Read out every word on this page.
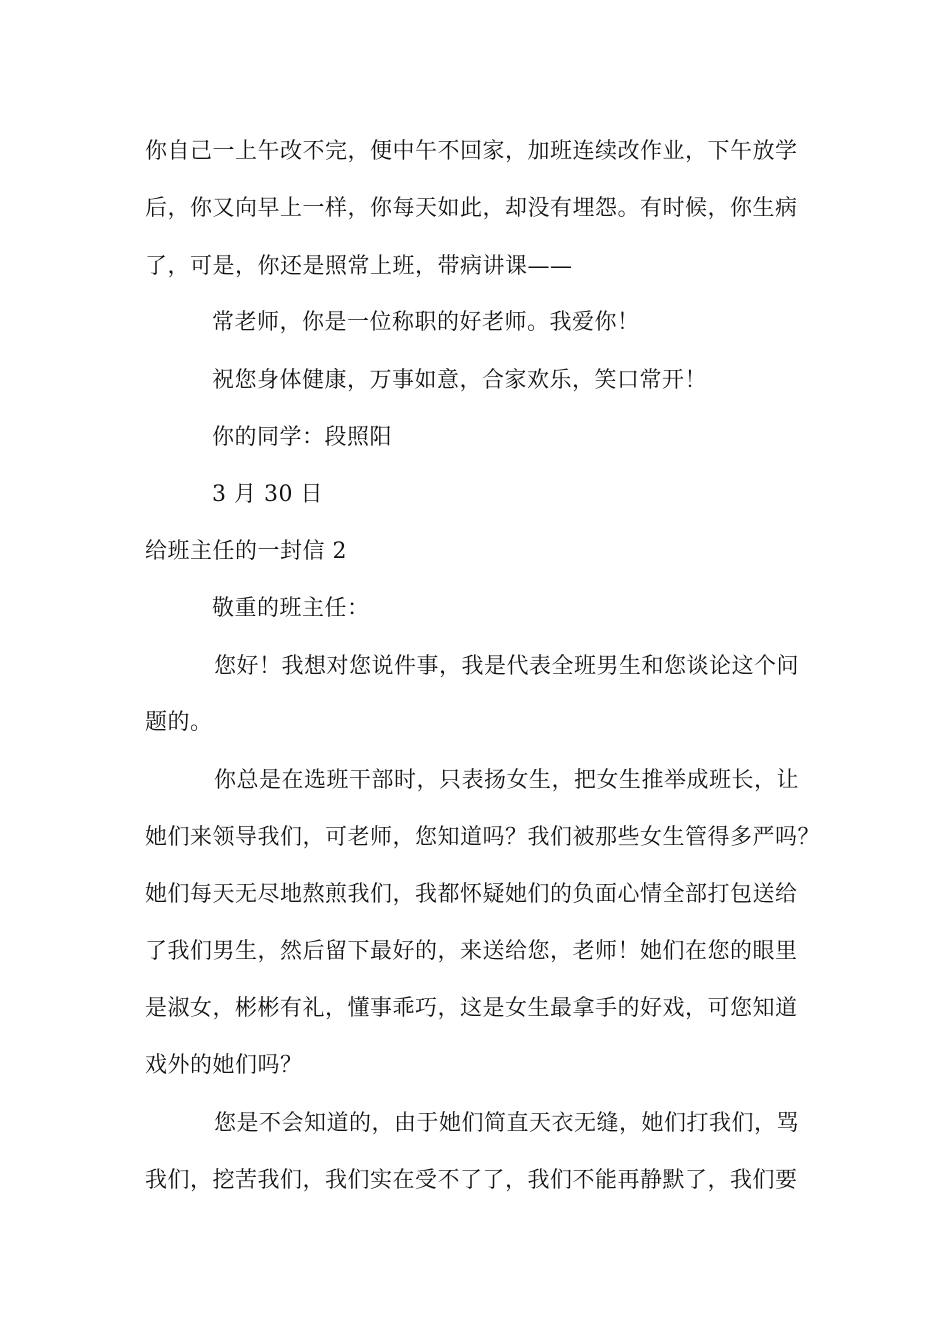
你自己一上午改不完，便中午不回家，加班连续改作业，下午放学
后，你又向早上一样，你每天如此，却没有埋怨。有时候，你生病
了，可是，你还是照常上班，带病讲课——
常老师，你是一位称职的好老师。我爱你！
祝您身体健康，万事如意，合家欢乐，笑口常开！
你的同学：段照阳
3 月 30 日
给班主任的一封信 2
敬重的班主任：
您好！我想对您说件事，我是代表全班男生和您谈论这个问
题的。
你总是在选班干部时，只表扬女生，把女生推举成班长，让
她们来领导我们，可老师，您知道吗？我们被那些女生管得多严吗？
她们每天无尽地熬煎我们，我都怀疑她们的负面心情全部打包送给
了我们男生，然后留下最好的，来送给您，老师！她们在您的眼里
是淑女，彬彬有礼，懂事乖巧，这是女生最拿手的好戏，可您知道
戏外的她们吗？
您是不会知道的，由于她们简直天衣无缝，她们打我们，骂
我们，挖苦我们，我们实在受不了了，我们不能再静默了，我们要
